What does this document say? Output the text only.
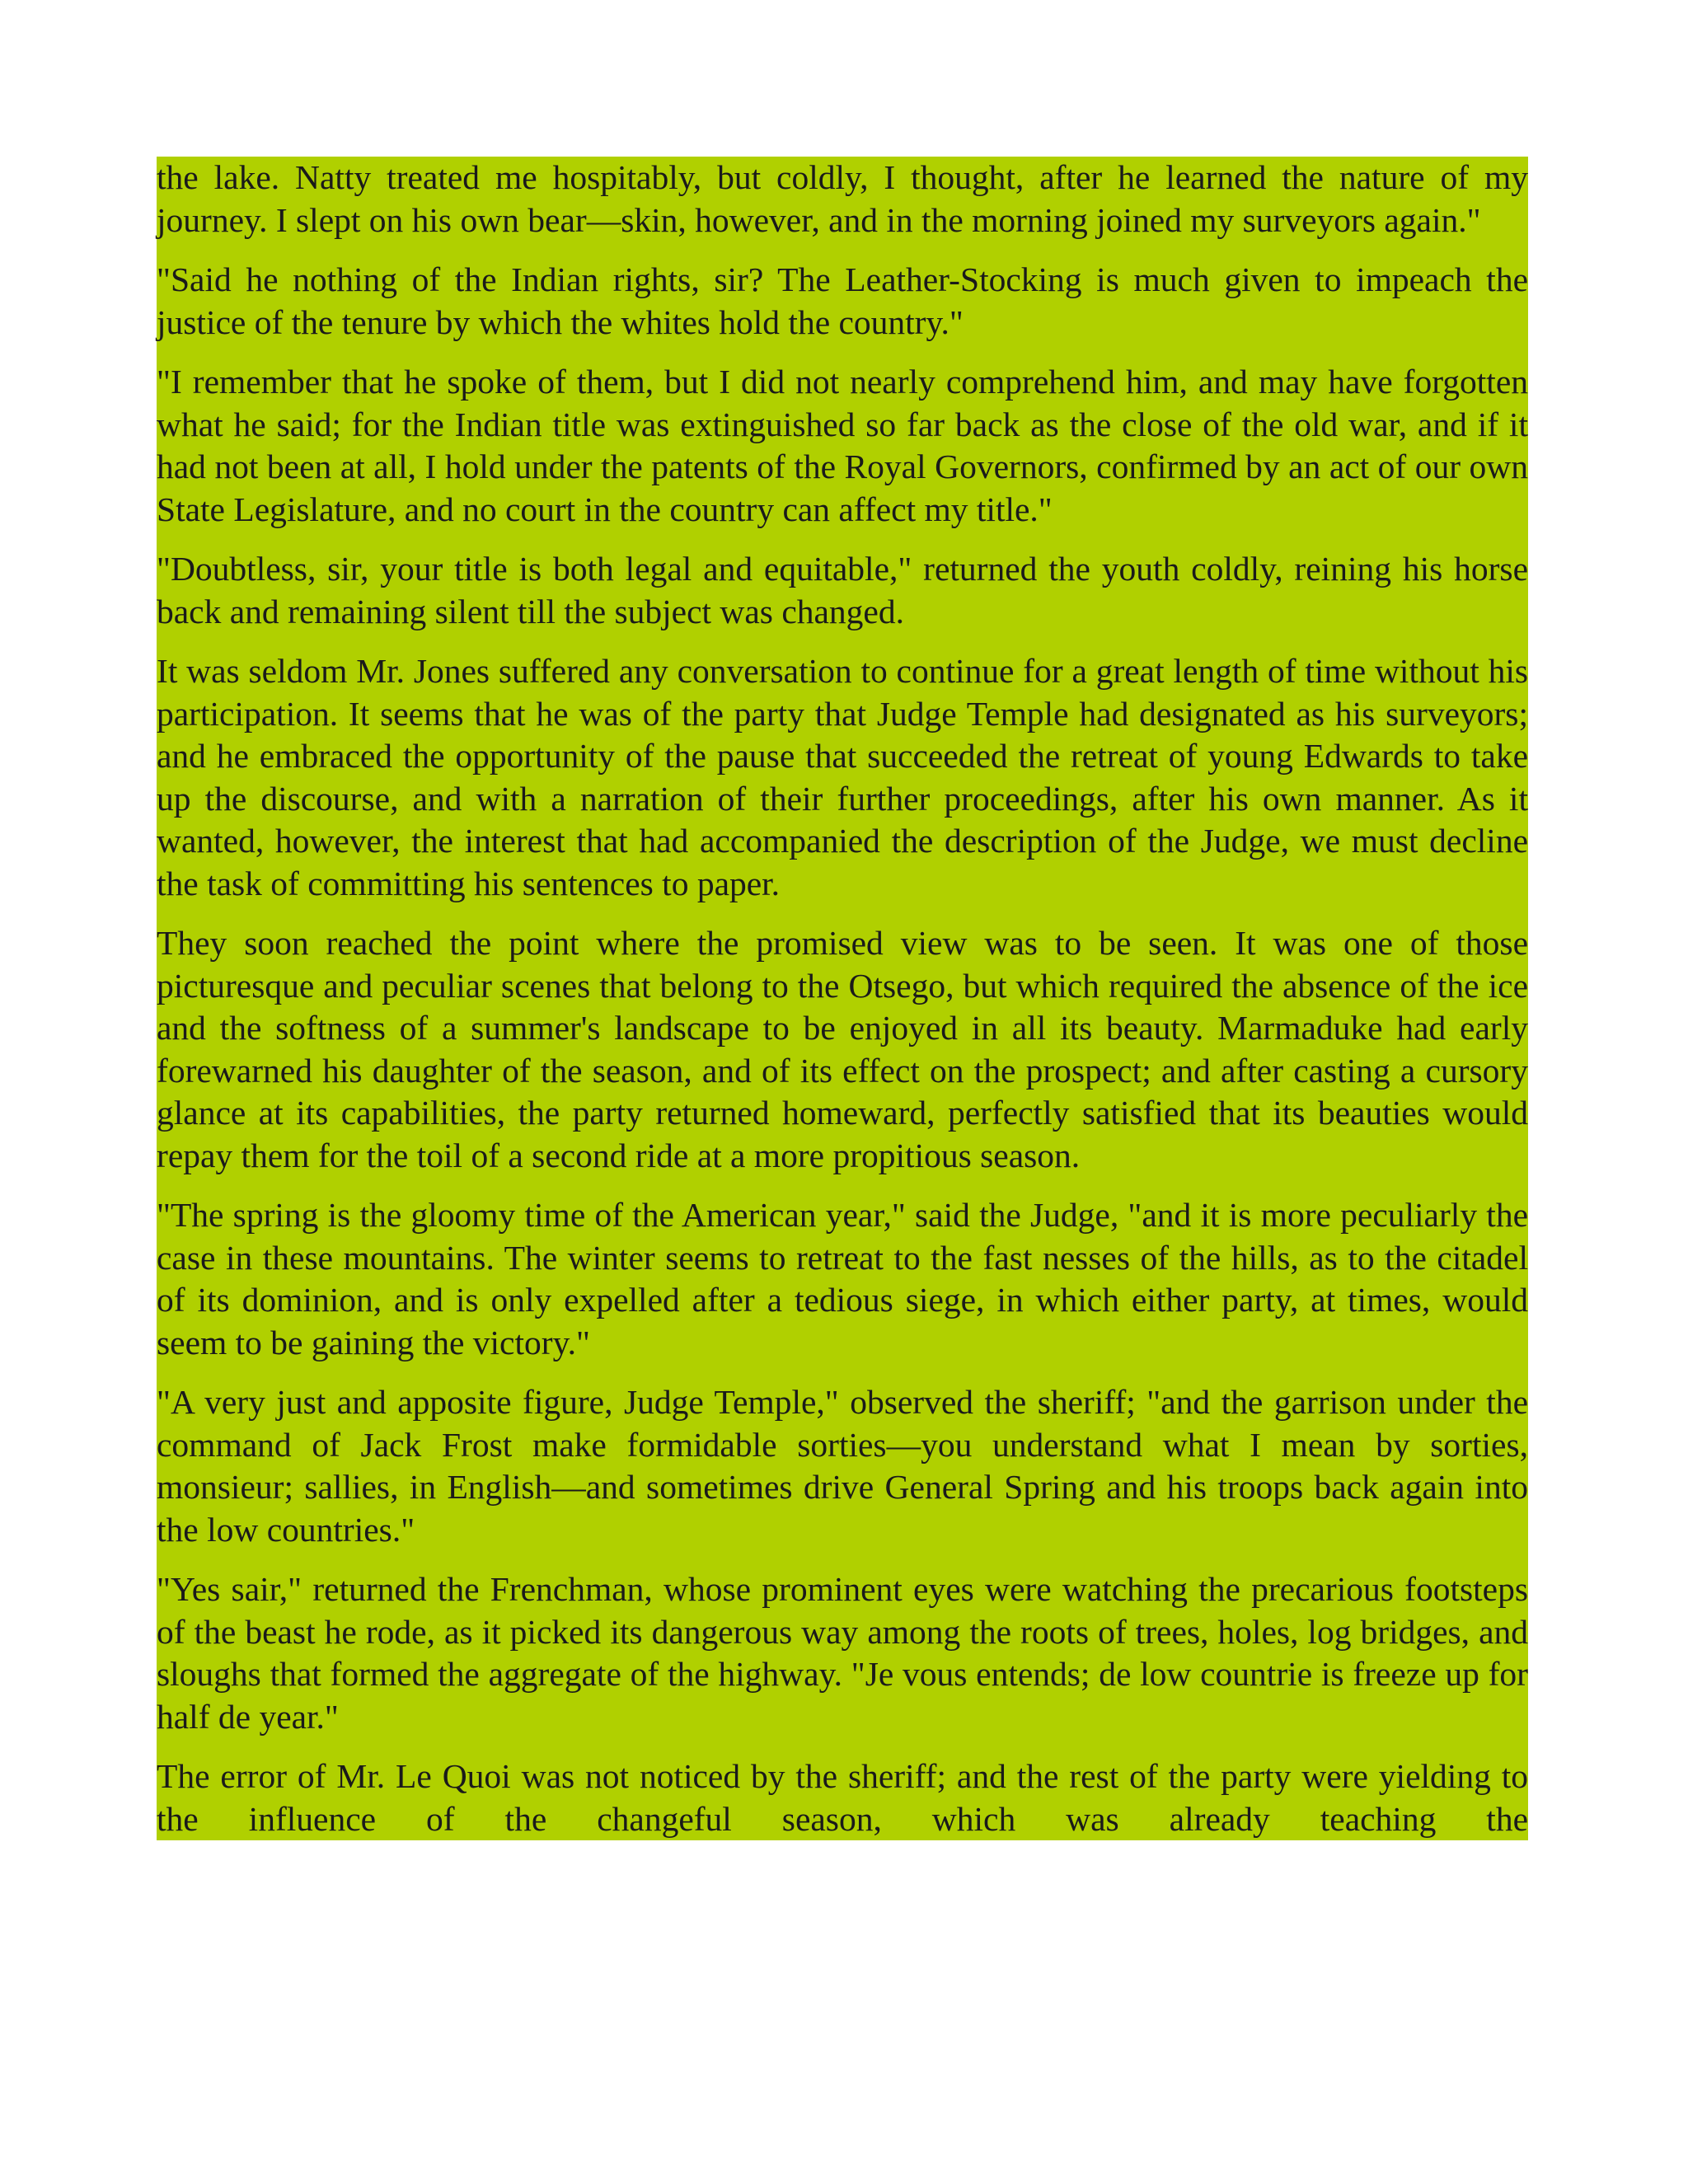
the lake. Natty treated me hospitably, but coldly, I thought, after he learned the nature of my journey. I slept on his own bear—skin, however, and in the morning joined my surveyors again."

"Said he nothing of the Indian rights, sir? The Leather-Stocking is much given to impeach the justice of the tenure by which the whites hold the country."

"I remember that he spoke of them, but I did not nearly comprehend him, and may have forgotten what he said; for the Indian title was extinguished so far back as the close of the old war, and if it had not been at all, I hold under the patents of the Royal Governors, confirmed by an act of our own State Legislature, and no court in the country can affect my title."

"Doubtless, sir, your title is both legal and equitable," returned the youth coldly, reining his horse back and remaining silent till the subject was changed.

It was seldom Mr. Jones suffered any conversation to continue for a great length of time without his participation. It seems that he was of the party that Judge Temple had designated as his surveyors; and he embraced the opportunity of the pause that succeeded the retreat of young Edwards to take up the discourse, and with a narration of their further proceedings, after his own manner. As it wanted, however, the interest that had accompanied the description of the Judge, we must decline the task of committing his sentences to paper.

They soon reached the point where the promised view was to be seen. It was one of those picturesque and peculiar scenes that belong to the Otsego, but which required the absence of the ice and the softness of a summer's landscape to be enjoyed in all its beauty. Marmaduke had early forewarned his daughter of the season, and of its effect on the prospect; and after casting a cursory glance at its capabilities, the party returned homeward, perfectly satisfied that its beauties would repay them for the toil of a second ride at a more propitious season.

"The spring is the gloomy time of the American year," said the Judge, "and it is more peculiarly the case in these mountains. The winter seems to retreat to the fast nesses of the hills, as to the citadel of its dominion, and is only expelled after a tedious siege, in which either party, at times, would seem to be gaining the victory."

"A very just and apposite figure, Judge Temple," observed the sheriff; "and the garrison under the command of Jack Frost make formidable sorties—you understand what I mean by sorties, monsieur; sallies, in English—and sometimes drive General Spring and his troops back again into the low countries."

"Yes sair," returned the Frenchman, whose prominent eyes were watching the precarious footsteps of the beast he rode, as it picked its dangerous way among the roots of trees, holes, log bridges, and sloughs that formed the aggregate of the highway. "Je vous entends; de low countrie is freeze up for half de year."

The error of Mr. Le Quoi was not noticed by the sheriff; and the rest of the party were yielding to the influence of the changeful season, which was already teaching the
